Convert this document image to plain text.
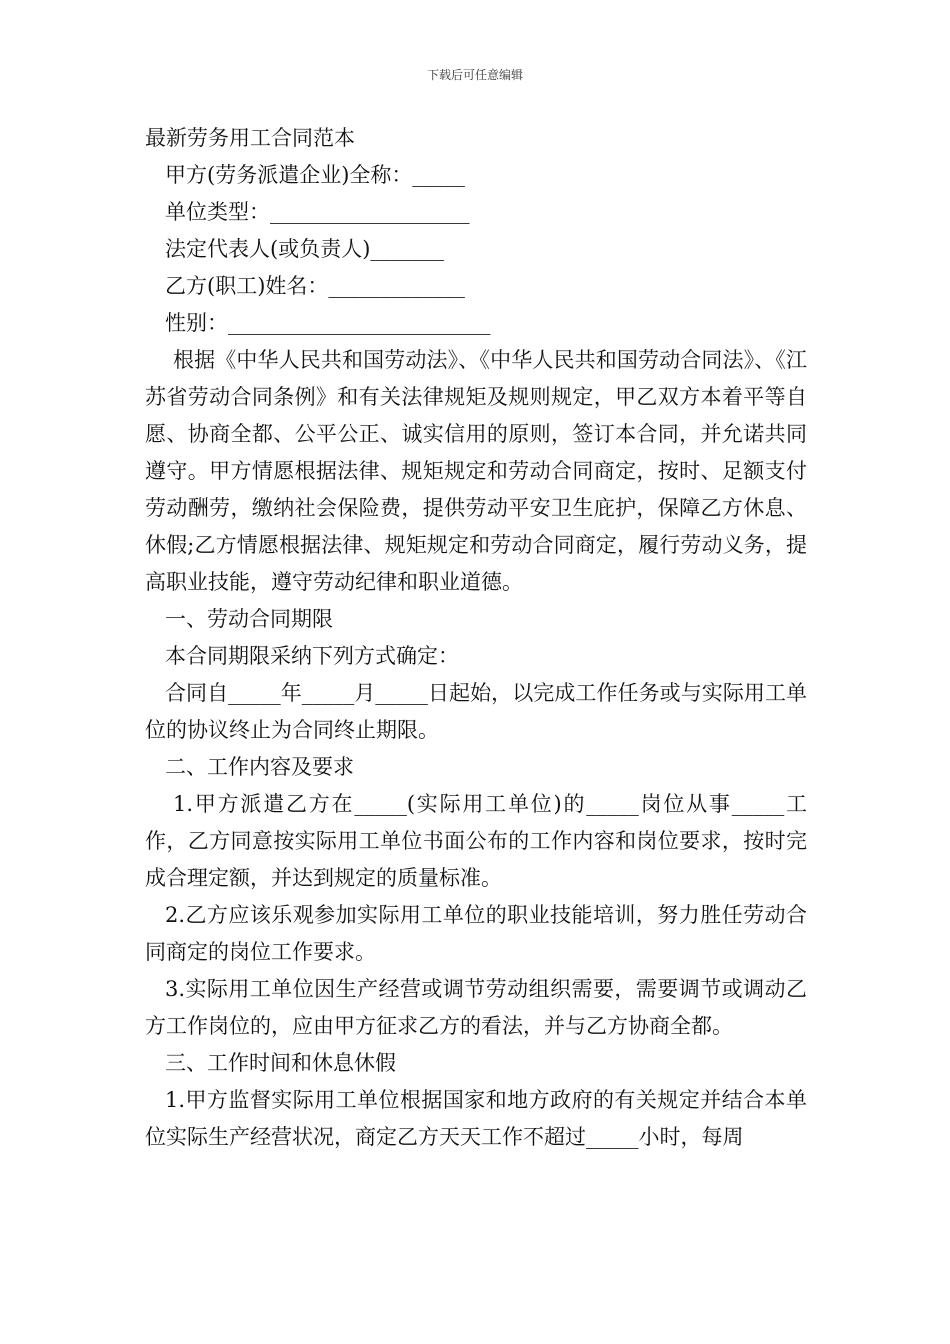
下载后可任意编辑
最新劳务用工合同范本
甲方(劳务派遣企业)全称：_____
单位类型：___________________
法定代表人(或负责人)_______
乙方(职工)姓名：_____________
性别：_________________________
根据《中华人民共和国劳动法》、《中华人民共和国劳动合同法》、《江苏省劳动合同条例》和有关法律规矩及规则规定，甲乙双方本着平等自愿、协商全都、公平公正、诚实信用的原则，签订本合同，并允诺共同遵守。甲方情愿根据法律、规矩规定和劳动合同商定，按时、足额支付劳动酬劳，缴纳社会保险费，提供劳动平安卫生庇护，保障乙方休息、休假;乙方情愿根据法律、规矩规定和劳动合同商定，履行劳动义务，提高职业技能，遵守劳动纪律和职业道德。
一、劳动合同期限
本合同期限采纳下列方式确定：
合同自_____年_____月_____日起始，以完成工作任务或与实际用工单位的协议终止为合同终止期限。
二、工作内容及要求
1.甲方派遣乙方在_____(实际用工单位)的_____岗位从事_____工作，乙方同意按实际用工单位书面公布的工作内容和岗位要求，按时完成合理定额，并达到规定的质量标准。
2.乙方应该乐观参加实际用工单位的职业技能培训，努力胜任劳动合同商定的岗位工作要求。
3.实际用工单位因生产经营或调节劳动组织需要，需要调节或调动乙方工作岗位的，应由甲方征求乙方的看法，并与乙方协商全都。
三、工作时间和休息休假
1.甲方监督实际用工单位根据国家和地方政府的有关规定并结合本单位实际生产经营状况，商定乙方天天工作不超过_____小时，每周
